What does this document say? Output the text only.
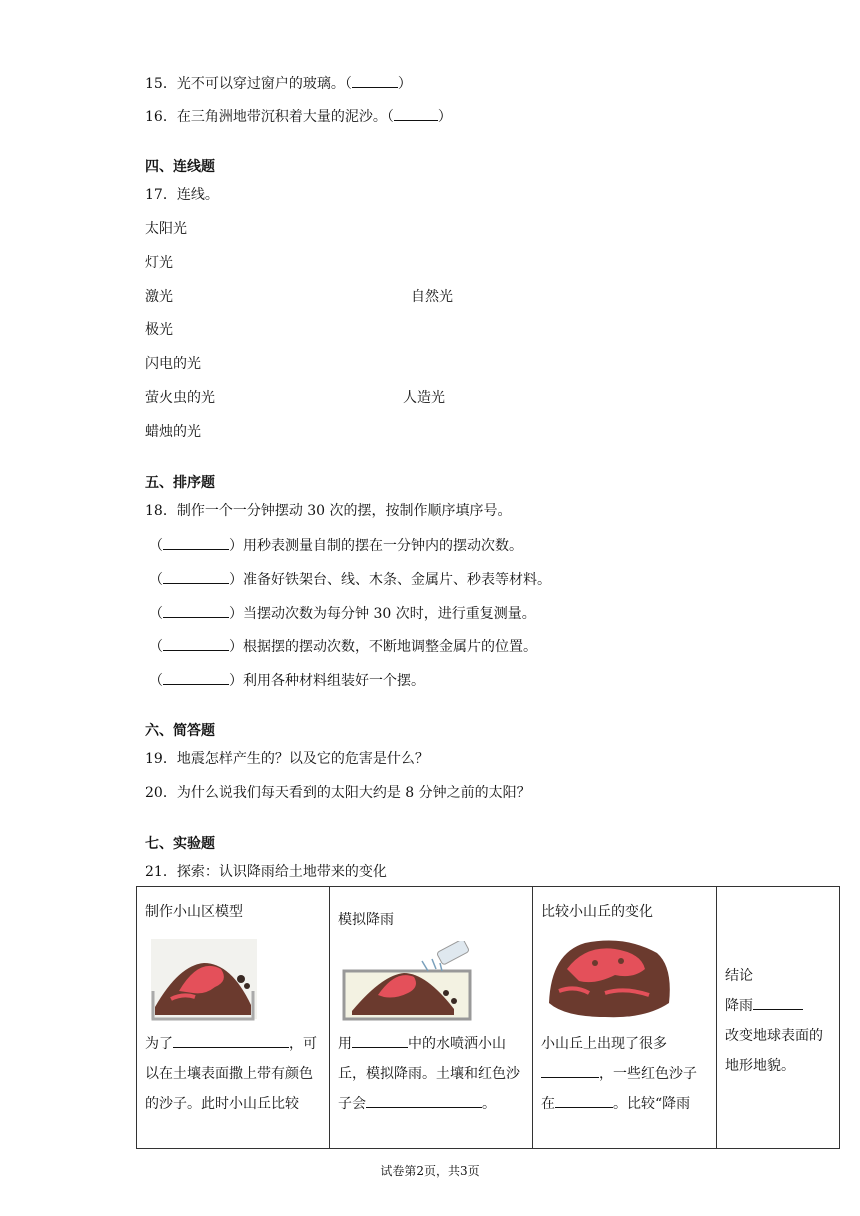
15．光不可以穿过窗户的玻璃。（	）
16．在三角洲地带沉积着大量的泥沙。（	）
四、连线题
17．连线。
太阳光
灯光
激光
极光
闪电的光
萤火虫的光
蜡烛的光
自然光
人造光
五、排序题
18．制作一个一分钟摆动 30 次的摆，按制作顺序填序号。
（	）用秒表测量自制的摆在一分钟内的摆动次数。
（	）准备好铁架台、线、木条、金属片、秒表等材料。
（	）当摆动次数为每分钟 30 次时，进行重复测量。
（	）根据摆的摆动次数，不断地调整金属片的位置。
（	）利用各种材料组装好一个摆。
六、简答题
19．地震怎样产生的？以及它的危害是什么？
20．为什么说我们每天看到的太阳大约是 8 分钟之前的太阳？
七、实验题
21．探索：认识降雨给土地带来的变化
制作小山区模型
为了	，可以在土壤表面撒上带有颜色的沙子。此时小山丘比较

模拟降雨
用	中的水喷洒小山丘，模拟降雨。土壤和红色沙子会	。

比较小山丘的变化
小山丘上出现了很多，一些红色沙子在	。比较“降雨

结论
降雨
改变地球表面的地形地貌。
试卷第2页，共3页
